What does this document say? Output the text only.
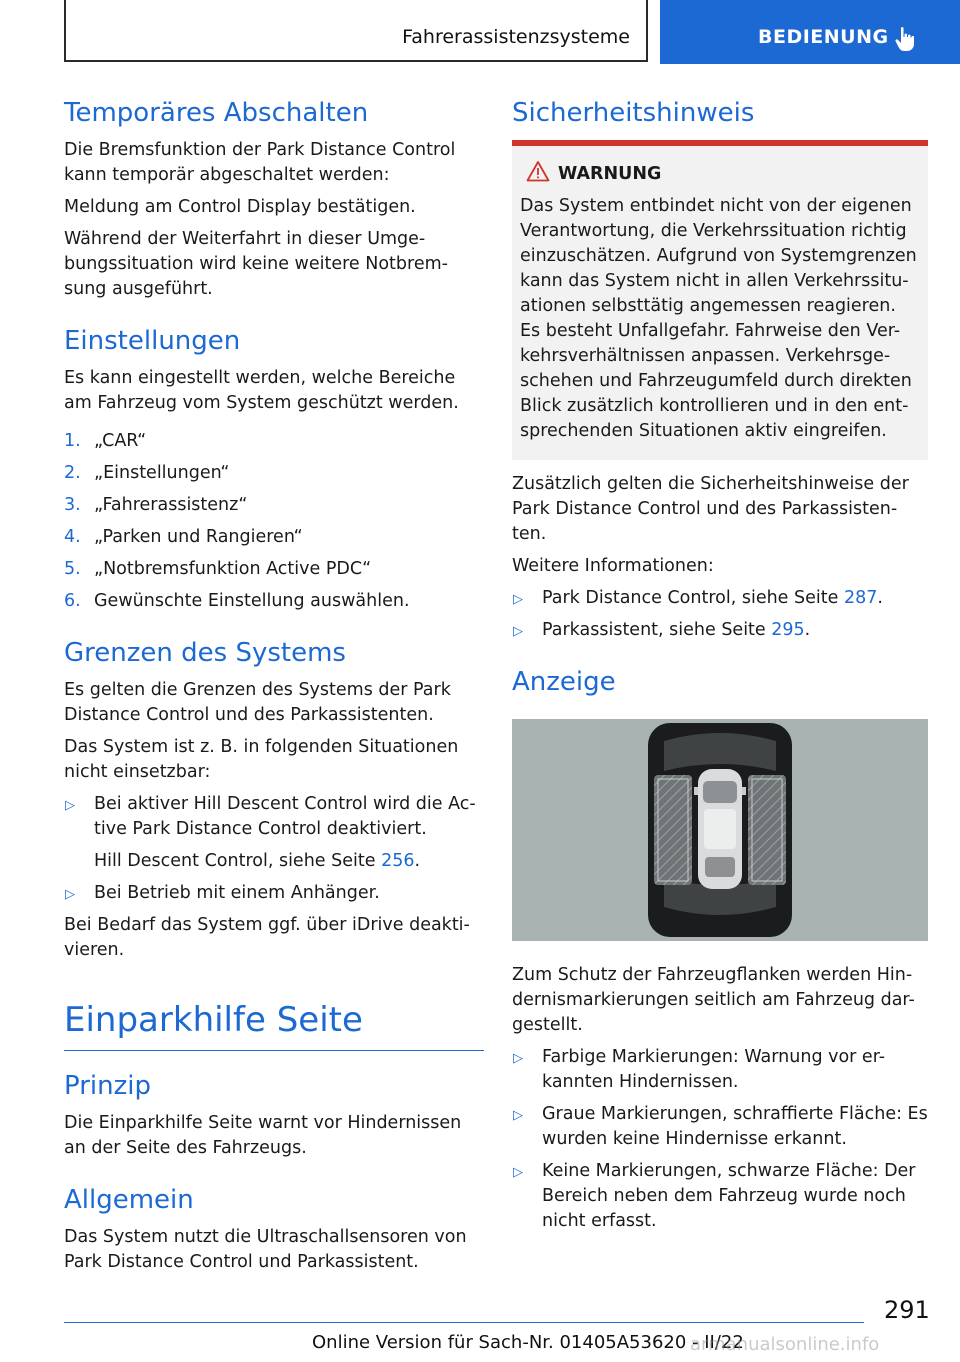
Fahrerassistenzsysteme	BEDIENUNG
Temporäres Abschalten

Die Bremsfunktion der Park Distance Control kann temporär abgeschaltet werden:

Meldung am Control Display bestätigen.

Während der Weiterfahrt in dieser Umge-bungssituation wird keine weitere Notbrem-sung ausgeführt.

Einstellungen

Es kann eingestellt werden, welche Bereiche am Fahrzeug vom System geschützt werden.

1. „CAR“
2. „Einstellungen“
3. „Fahrerassistenz“
4. „Parken und Rangieren“
5. „Notbremsfunktion Active PDC“
6. Gewünschte Einstellung auswählen.
Grenzen des Systems

Es gelten die Grenzen des Systems der Park Distance Control und des Parkassistenten.

Das System ist z. B. in folgenden Situationen nicht einsetzbar:

▷ Bei aktiver Hill Descent Control wird die Ac-tive Park Distance Control deaktiviert.
Hill Descent Control, siehe Seite 256.
▷ Bei Betrieb mit einem Anhänger.

Bei Bedarf das System ggf. über iDrive deakti-vieren.

Einparkhilfe Seite
Prinzip

Die Einparkhilfe Seite warnt vor Hindernissen an der Seite des Fahrzeugs.

Allgemein

Das System nutzt die Ultraschallsensoren von Park Distance Control und Parkassistent.

Sicherheitshinweis
WARNUNG

Das System entbindet nicht von der eigenen Verantwortung, die Verkehrssituation richtig einzuschätzen. Aufgrund von Systemgrenzen kann das System nicht in allen Verkehrssitu-ationen selbsttätig angemessen reagieren. Es besteht Unfallgefahr. Fahrweise den Ver-kehrsverhältnissen anpassen. Verkehrsge-schehen und Fahrzeugumfeld durch direkten Blick zusätzlich kontrollieren und in den ent-sprechenden Situationen aktiv eingreifen.

Zusätzlich gelten die Sicherheitshinweise der Park Distance Control und des Parkassisten-ten.

Weitere Informationen:

▷ Park Distance Control, siehe Seite 287.
▷ Parkassistent, siehe Seite 295.
Anzeige

Zum Schutz der Fahrzeugflanken werden Hin-dernismarkierungen seitlich am Fahrzeug dar-gestellt.

▷ Farbige Markierungen: Warnung vor er-kannten Hindernissen.
▷ Graue Markierungen, schraffierte Fläche: Es wurden keine Hindernisse erkannt.
▷ Keine Markierungen, schwarze Fläche: Der Bereich neben dem Fahrzeug wurde noch nicht erfasst.
291
Online Version für Sach-Nr. 01405A53620 - II/22
armanualsonline.info
